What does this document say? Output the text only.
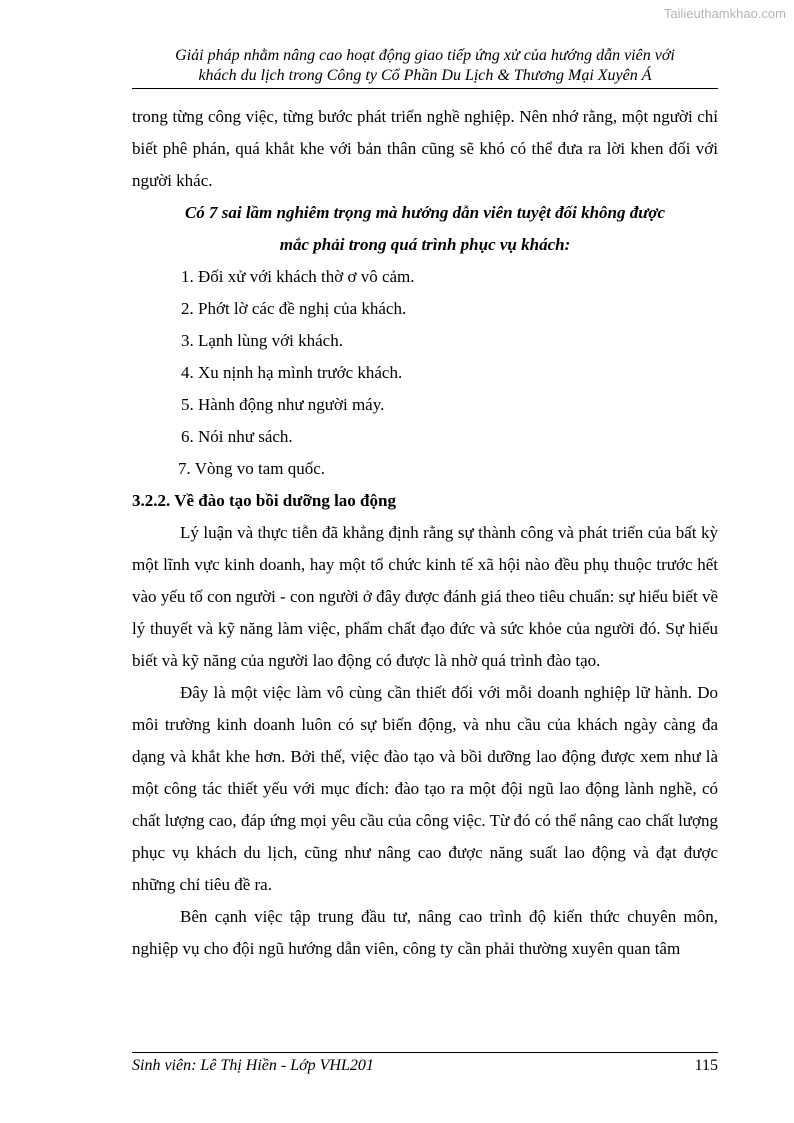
Tailieuthamkhao.com
Giải pháp nhằm nâng cao hoạt động giao tiếp ứng xử của hướng dẫn viên với
khách du lịch trong Công ty Cổ Phần Du Lịch & Thương Mại Xuyên Á

trong từng công việc, từng bước phát triển nghề nghiệp. Nên nhớ rằng, một người chỉ biết phê phán, quá khắt khe với bản thân cũng sẽ khó có thể đưa ra lời khen đối với người khác.

Có 7 sai lầm nghiêm trọng mà hướng dẫn viên tuyệt đối không được

mắc phải trong quá trình phục vụ khách:

1. Đối xử với khách thờ ơ vô cảm.
2. Phớt lờ các đề nghị của khách.
3. Lạnh lùng với khách.
4. Xu nịnh hạ mình trước khách.
5. Hành động như người máy.
6. Nói như sách.
7. Vòng vo tam quốc.

3.2.2. Về đào tạo bồi dưỡng lao động

Lý luận và thực tiễn đã khẳng định rằng sự thành công và phát triển của bất kỳ một lĩnh vực kinh doanh, hay một tổ chức kinh tế xã hội nào đều phụ thuộc trước hết vào yếu tố con người - con người ở đây được đánh giá theo tiêu chuẩn: sự hiểu biết về lý thuyết và kỹ năng làm việc, phẩm chất đạo đức và sức khỏe của người đó. Sự hiểu biết và kỹ năng của người lao động có được là nhờ quá trình đào tạo.

Đây là một việc làm vô cùng cần thiết đối với mỗi doanh nghiệp lữ hành. Do môi trường kinh doanh luôn có sự biến động, và nhu cầu của khách ngày càng đa dạng và khắt khe hơn. Bởi thế, việc đào tạo và bồi dưỡng lao động được xem như là một công tác thiết yếu với mục đích: đào tạo ra một đội ngũ lao động lành nghề, có chất lượng cao, đáp ứng mọi yêu cầu của công việc. Từ đó có thể nâng cao chất lượng phục vụ khách du lịch, cũng như nâng cao được năng suất lao động và đạt được những chỉ tiêu đề ra.

Bên cạnh việc tập trung đầu tư, nâng cao trình độ kiến thức chuyên môn, nghiệp vụ cho đội ngũ hướng dẫn viên, công ty cần phải thường xuyên quan tâm

Sinh viên: Lê Thị Hiền - Lớp VHL201	115
